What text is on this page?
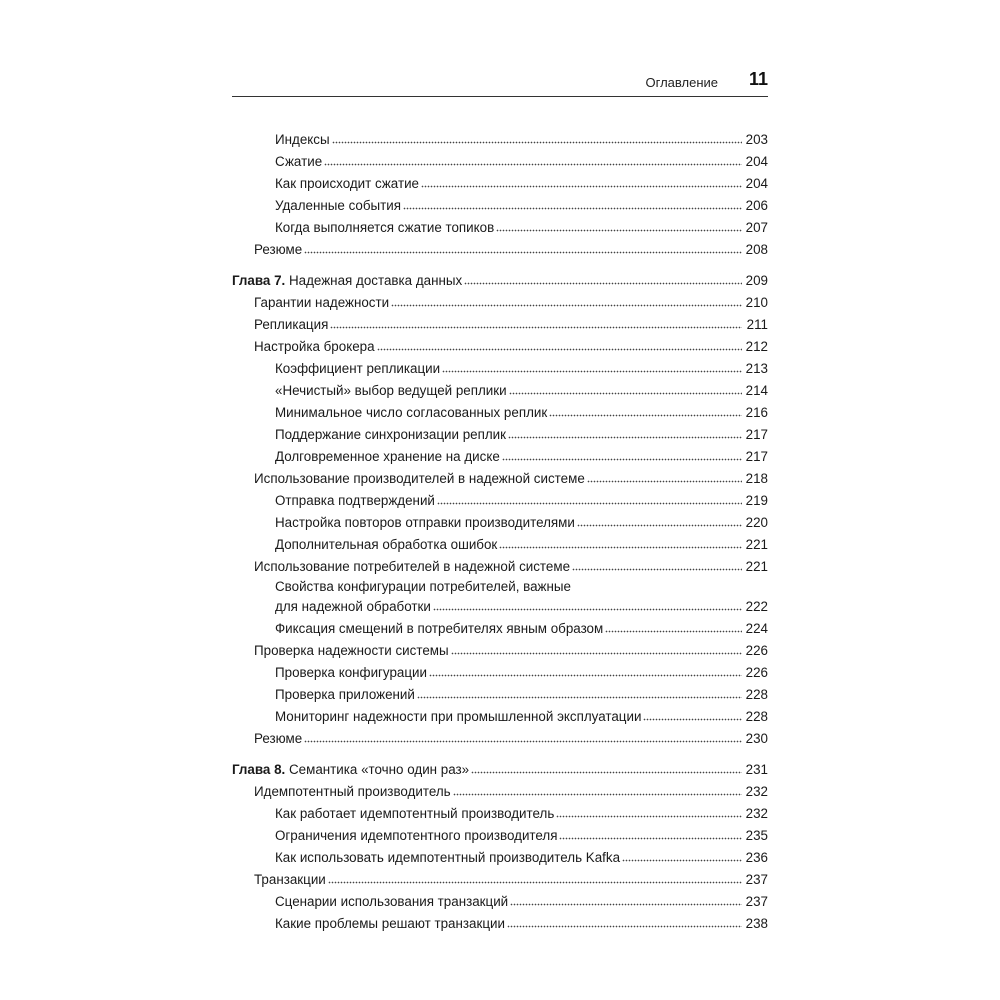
Оглавление 11
Индексы	203
Сжатие	204
Как происходит сжатие	204
Удаленные события	206
Когда выполняется сжатие топиков	207
Резюме	208
Глава 7. Надежная доставка данных	209
Гарантии надежности	210
Репликация	211
Настройка брокера	212
Коэффициент репликации	213
«Нечистый» выбор ведущей реплики	214
Минимальное число согласованных реплик	216
Поддержание синхронизации реплик	217
Долговременное хранение на диске	217
Использование производителей в надежной системе	218
Отправка подтверждений	219
Настройка повторов отправки производителями	220
Дополнительная обработка ошибок	221
Использование потребителей в надежной системе	221
Свойства конфигурации потребителей, важные
для надежной обработки	222
Фиксация смещений в потребителях явным образом	224
Проверка надежности системы	226
Проверка конфигурации	226
Проверка приложений	228
Мониторинг надежности при промышленной эксплуатации	228
Резюме	230
Глава 8. Семантика «точно один раз»	231
Идемпотентный производитель	232
Как работает идемпотентный производитель	232
Ограничения идемпотентного производителя	235
Как использовать идемпотентный производитель Kafka	236
Транзакции	237
Сценарии использования транзакций	237
Какие проблемы решают транзакции	238
